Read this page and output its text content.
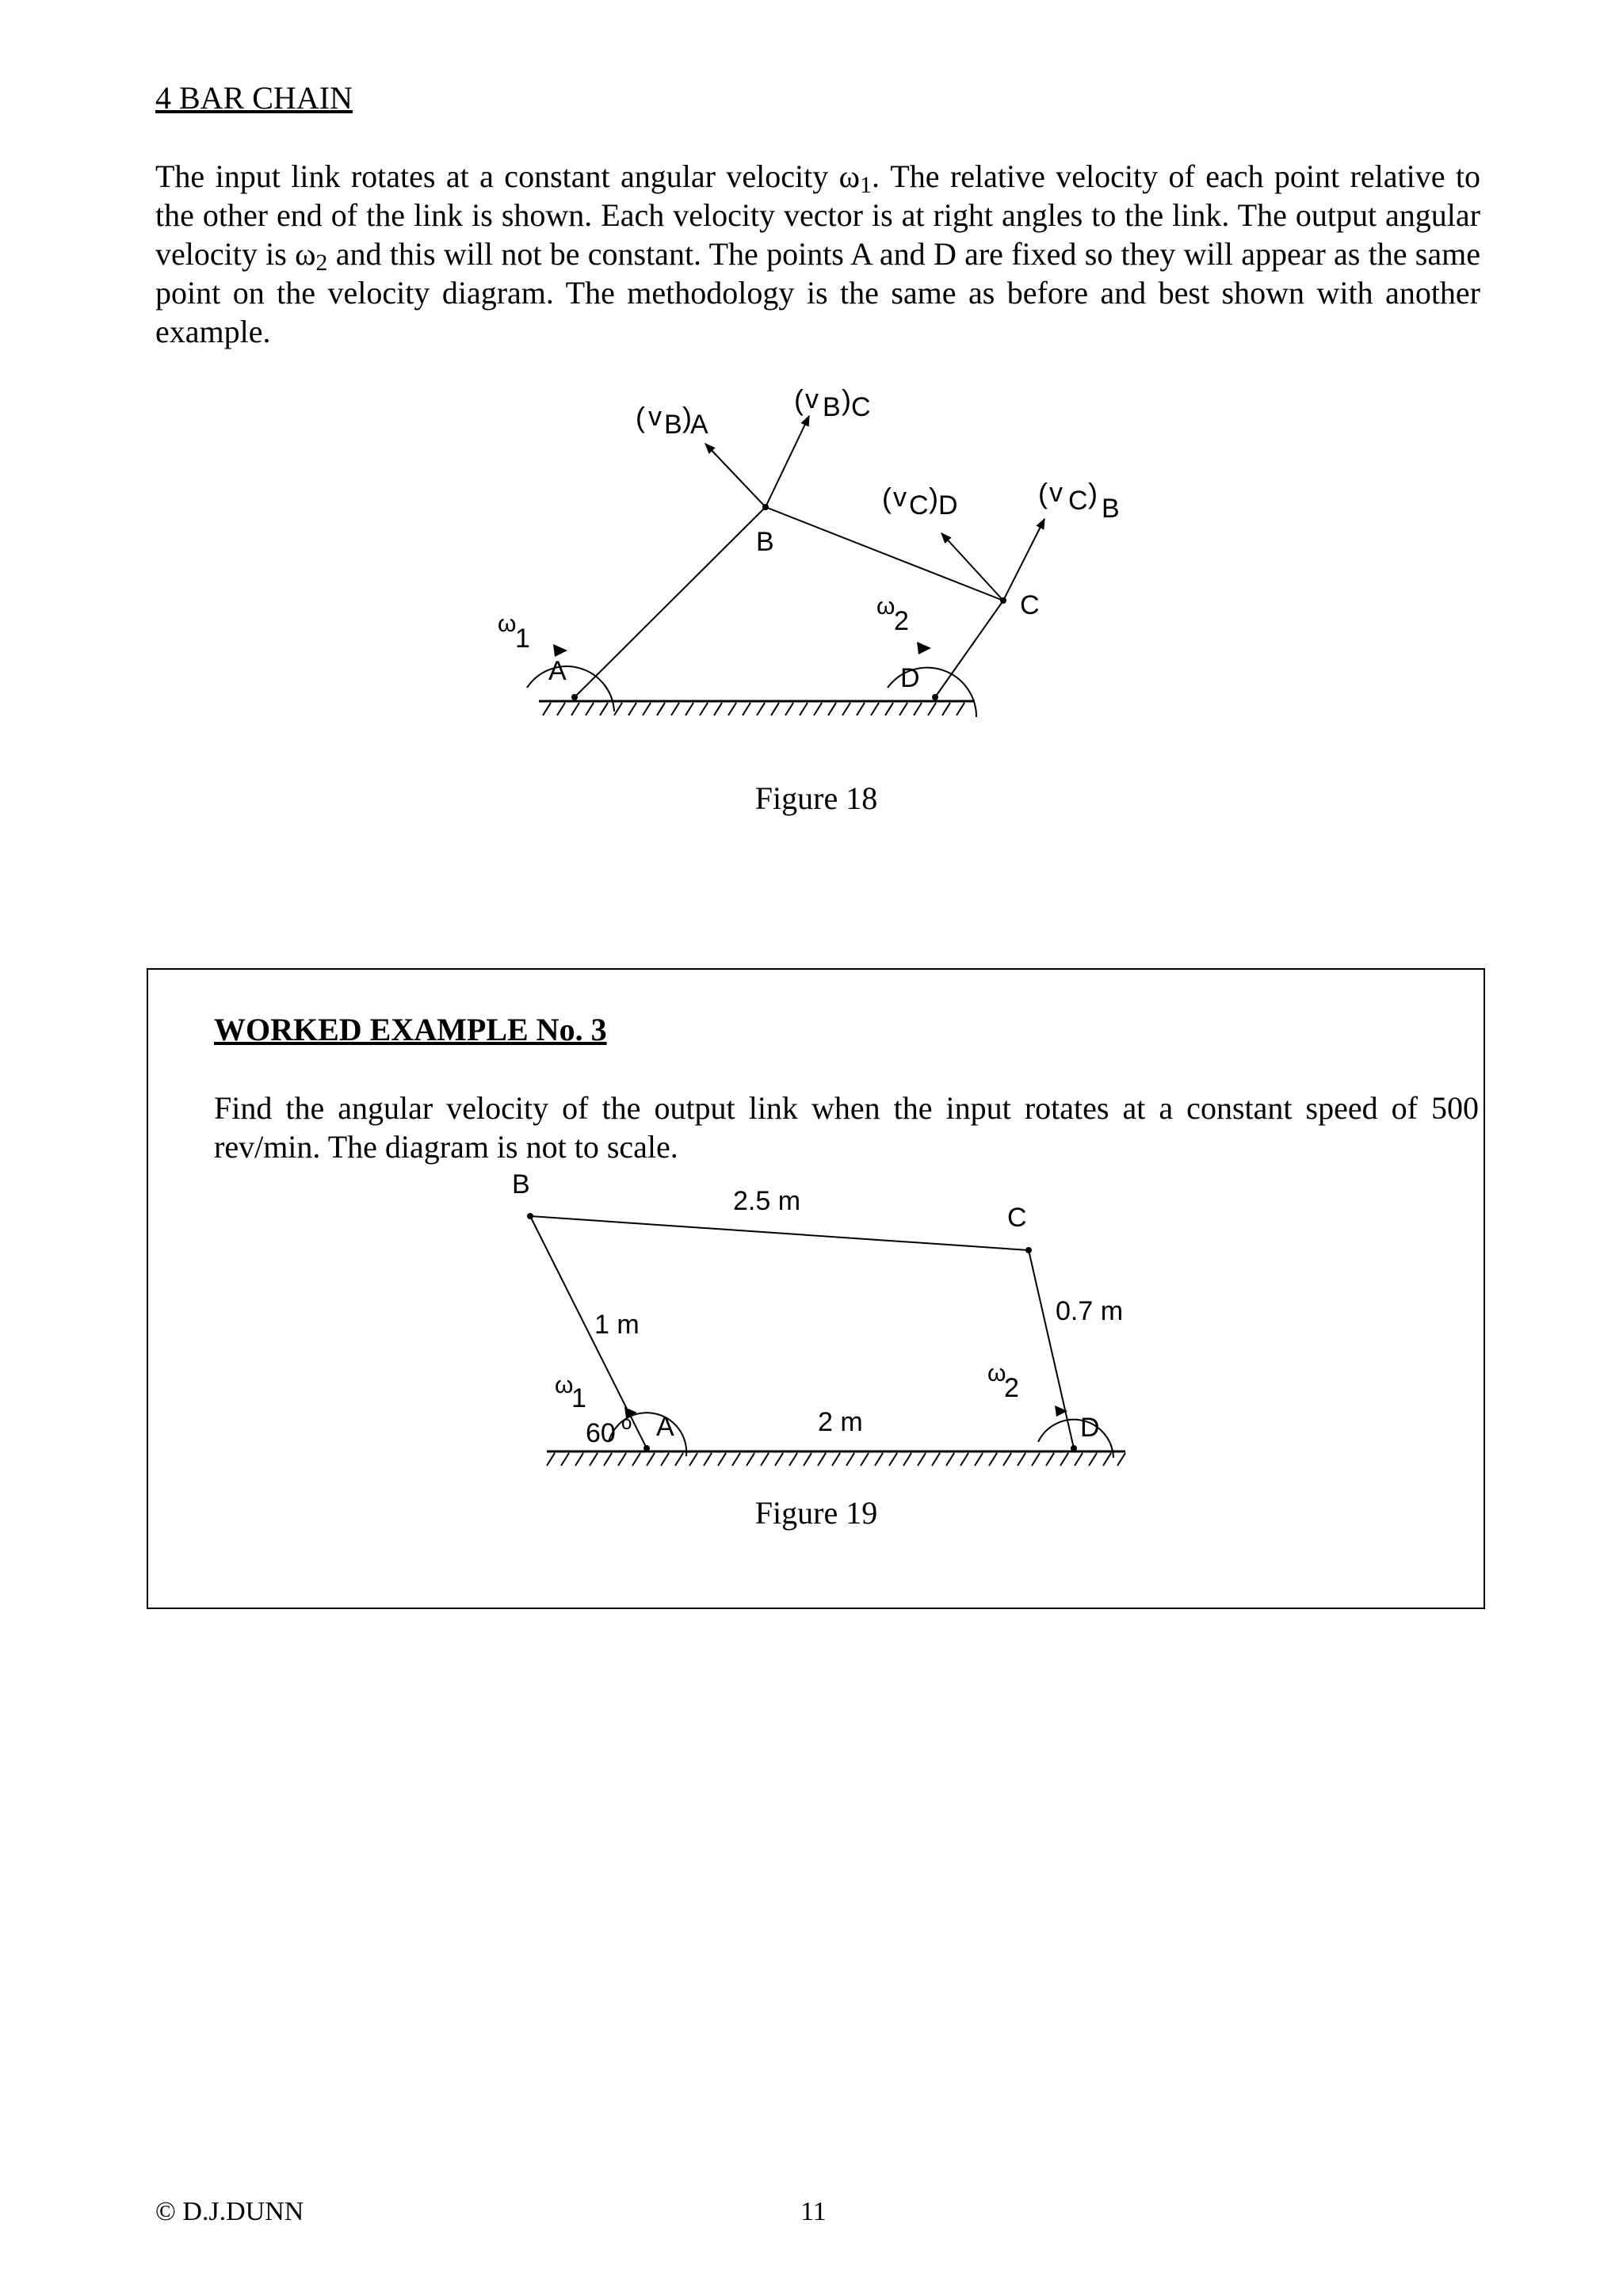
4 BAR CHAIN

The input link rotates at a constant angular velocity $\omega_1$. The relative velocity of each point relative to the other end of the link is shown. Each velocity vector is at right angles to the link. The output angular velocity is $\omega_2$ and this will not be constant. The points A and D are fixed so they will appear as the same point on the velocity diagram. The methodology is the same as before and best shown with another example.

v
( B )
A
( v B ) C
B
( v C ) D	( v C ) B
C
ω
1
A
ω
2
D

Figure 18

WORKED EXAMPLE No. 3

Find the angular velocity of the output link when the input rotates at a constant speed of 500 rev/min. The diagram is not to scale.

B
2.5 m
C
1 m	0.7 m
ω
1
60 o A	2 m
ω
2
D

Figure 19

© D.J.DUNN	11
